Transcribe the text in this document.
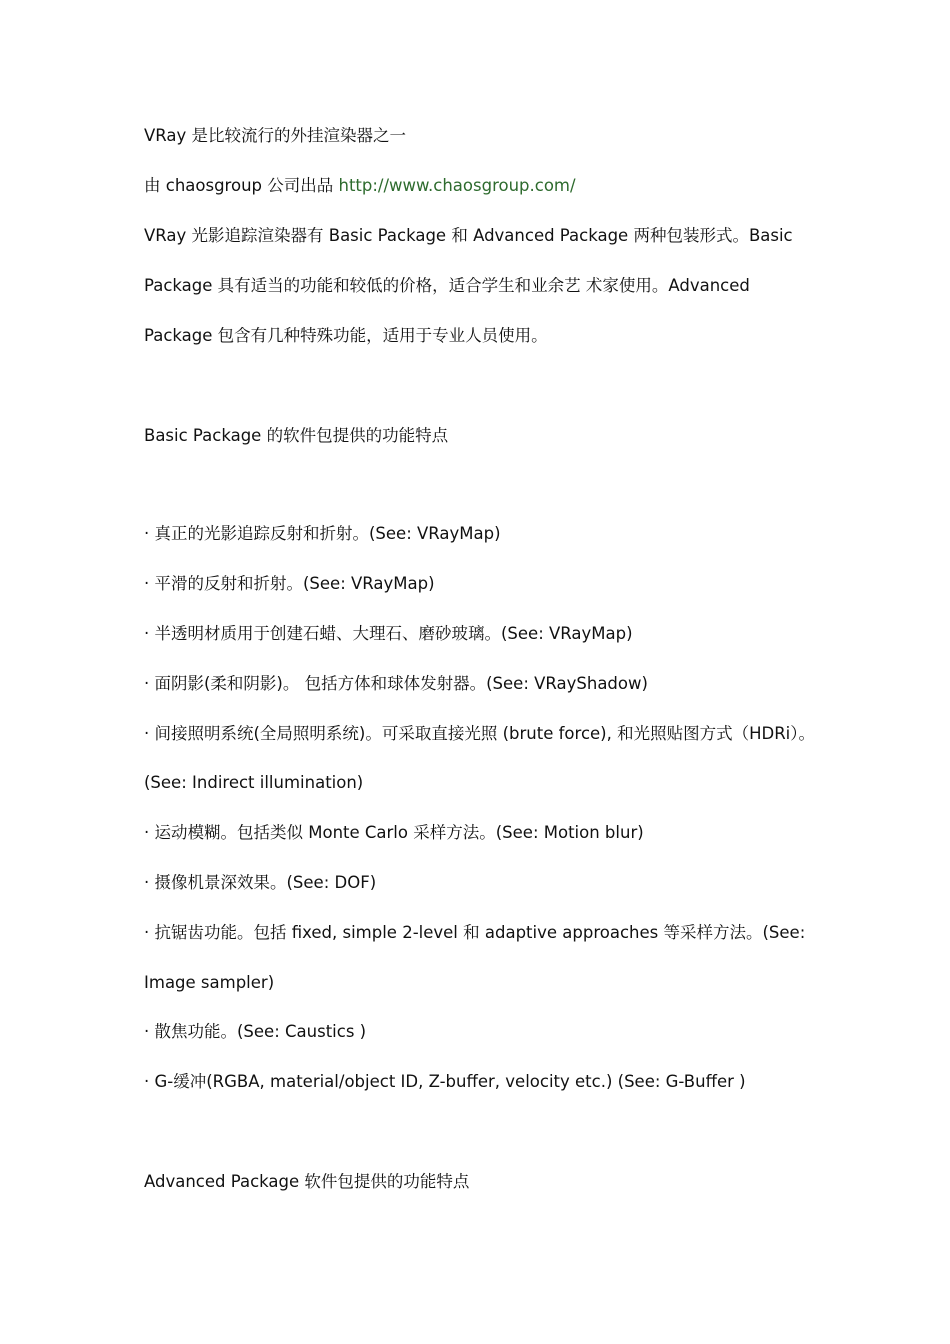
VRay 是比较流行的外挂渲染器之一
由 chaosgroup 公司出品 http://www.chaosgroup.com/
VRay 光影追踪渲染器有 Basic Package 和 Advanced Package 两种包装形式。Basic
Package 具有适当的功能和较低的价格，适合学生和业余艺 术家使用。Advanced
Package 包含有几种特殊功能，适用于专业人员使用。
Basic Package 的软件包提供的功能特点
· 真正的光影追踪反射和折射。(See: VRayMap)
· 平滑的反射和折射。(See: VRayMap)
· 半透明材质用于创建石蜡、大理石、磨砂玻璃。(See: VRayMap)
· 面阴影(柔和阴影)。 包括方体和球体发射器。(See: VRayShadow)
· 间接照明系统(全局照明系统)。可采取直接光照 (brute force), 和光照贴图方式（HDRi）。
(See: Indirect illumination)
· 运动模糊。包括类似 Monte Carlo 采样方法。(See: Motion blur)
· 摄像机景深效果。(See: DOF)
· 抗锯齿功能。包括 fixed, simple 2-level 和 adaptive approaches 等采样方法。(See:
Image sampler)
· 散焦功能。(See: Caustics )
· G-缓冲(RGBA, material/object ID, Z-buffer, velocity etc.) (See: G-Buffer )
Advanced Package 软件包提供的功能特点
